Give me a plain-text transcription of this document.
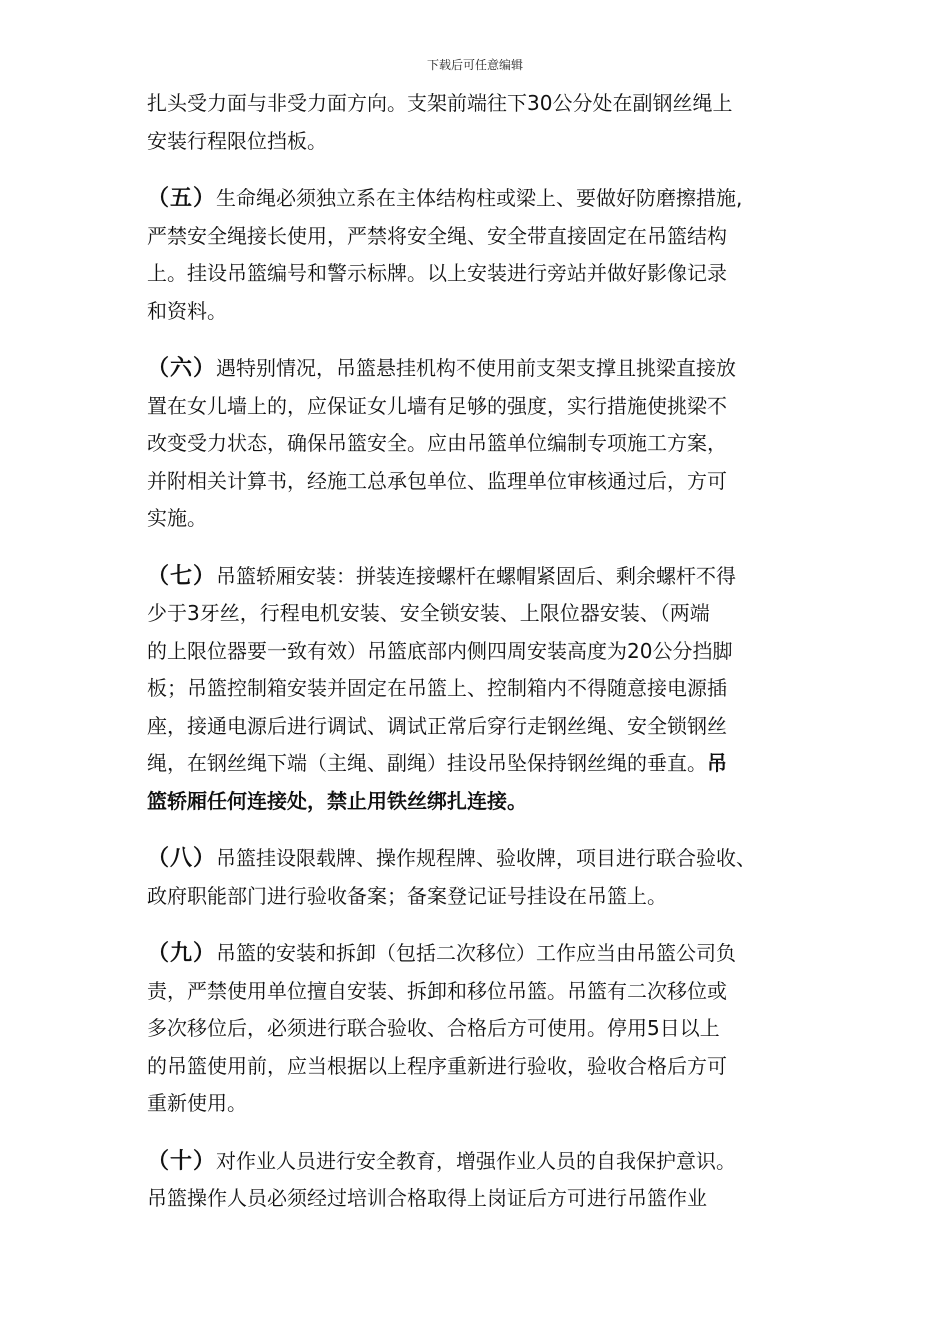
下载后可任意编辑
扎头受力面与非受力面方向。支架前端往下30公分处在副钢丝绳上
安装行程限位挡板。
（五）生命绳必须独立系在主体结构柱或梁上、要做好防磨擦措施,
严禁安全绳接长使用，严禁将安全绳、安全带直接固定在吊篮结构
上。挂设吊篮编号和警示标牌。以上安装进行旁站并做好影像记录
和资料。
（六）遇特别情况，吊篮悬挂机构不使用前支架支撑且挑梁直接放
置在女儿墙上的，应保证女儿墙有足够的强度，实行措施使挑梁不
改变受力状态，确保吊篮安全。应由吊篮单位编制专项施工方案，
并附相关计算书，经施工总承包单位、监理单位审核通过后，方可
实施。
（七）吊篮轿厢安装：拼装连接螺杆在螺帽紧固后、剩余螺杆不得
少于3牙丝，行程电机安装、安全锁安装、上限位器安装、（两端
的上限位器要一致有效）吊篮底部内侧四周安装高度为20公分挡脚
板；吊篮控制箱安装并固定在吊篮上、控制箱内不得随意接电源插
座，接通电源后进行调试、调试正常后穿行走钢丝绳、安全锁钢丝
绳，在钢丝绳下端（主绳、副绳）挂设吊坠保持钢丝绳的垂直。吊
篮轿厢任何连接处，禁止用铁丝绑扎连接。
（八）吊篮挂设限载牌、操作规程牌、验收牌，项目进行联合验收、
政府职能部门进行验收备案；备案登记证号挂设在吊篮上。
（九）吊篮的安装和拆卸（包括二次移位）工作应当由吊篮公司负
责，严禁使用单位擅自安装、拆卸和移位吊篮。吊篮有二次移位或
多次移位后，必须进行联合验收、合格后方可使用。停用5日以上
的吊篮使用前，应当根据以上程序重新进行验收，验收合格后方可
重新使用。
（十）对作业人员进行安全教育，增强作业人员的自我保护意识。
吊篮操作人员必须经过培训合格取得上岗证后方可进行吊篮作业
